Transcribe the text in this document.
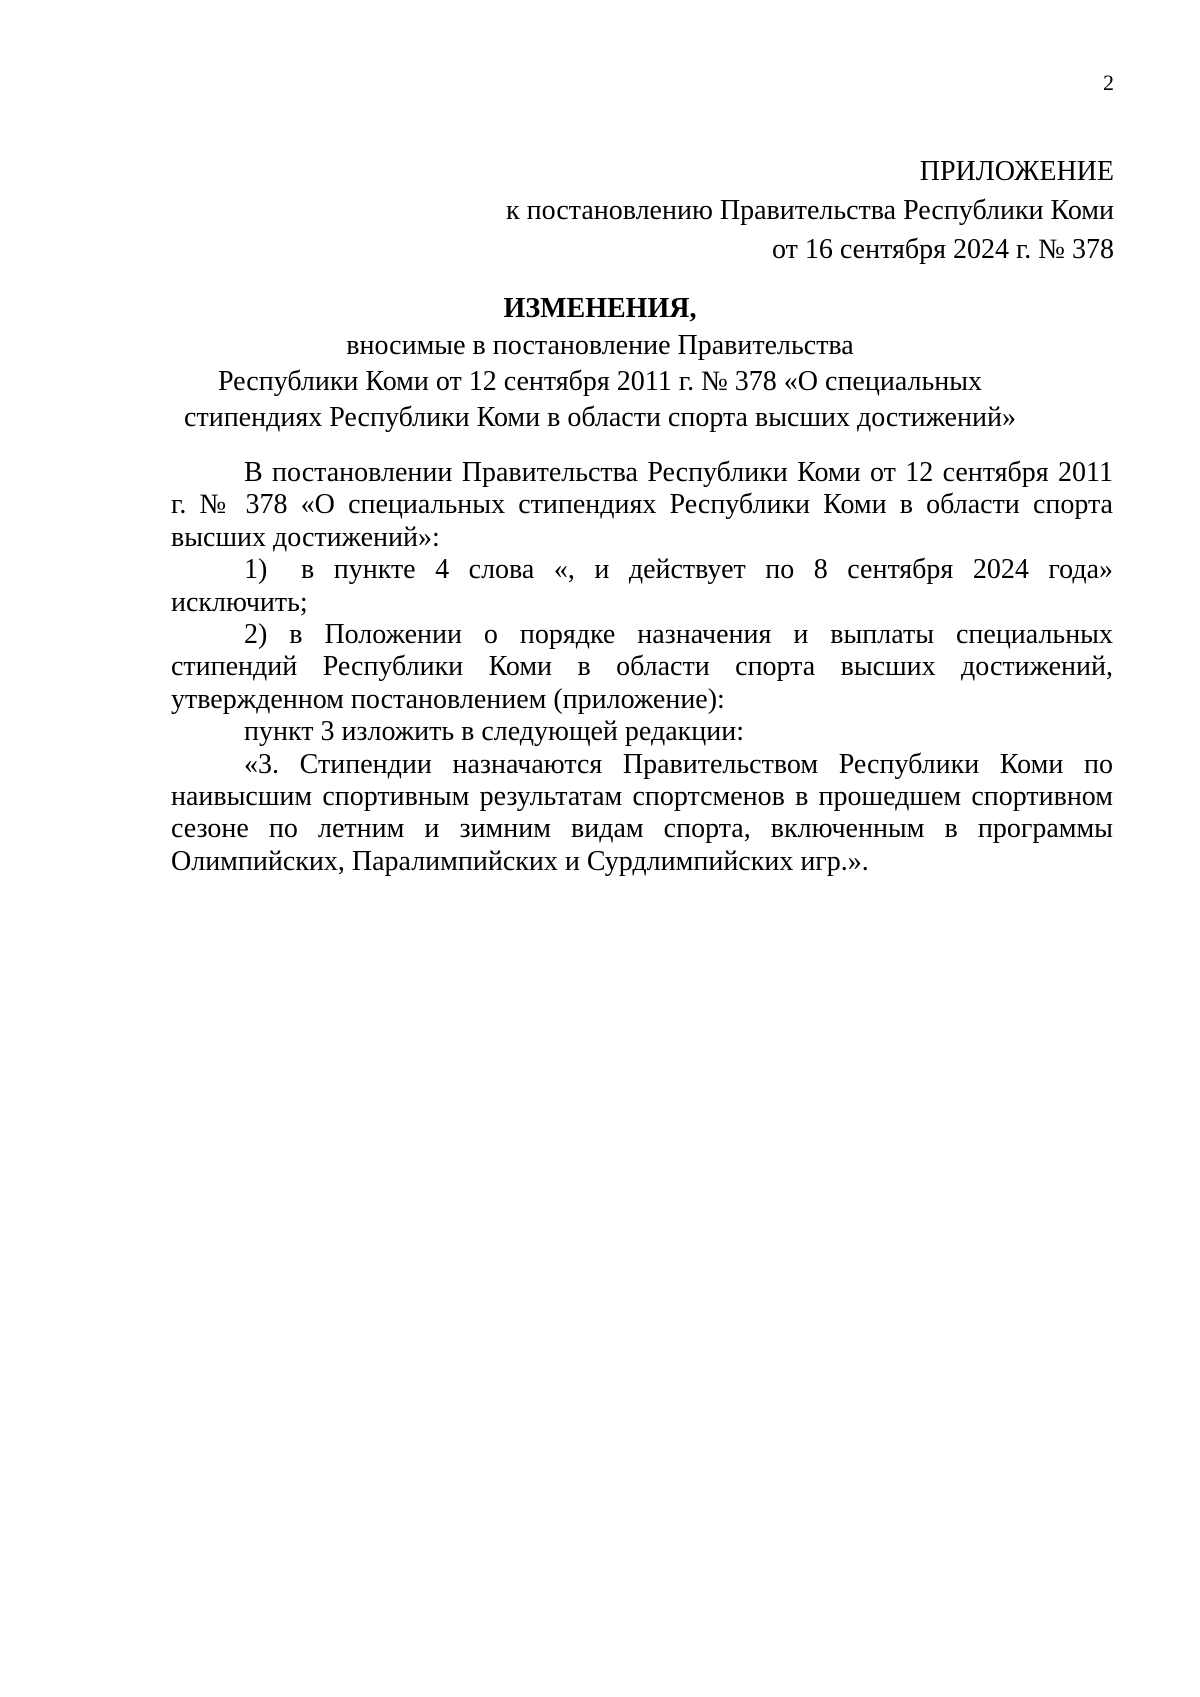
2
ПРИЛОЖЕНИЕ
к постановлению Правительства Республики Коми
от 16 сентября 2024 г. № 378
ИЗМЕНЕНИЯ,
вносимые в постановление Правительства
Республики Коми от 12 сентября 2011 г. № 378 «О специальных
стипендиях Республики Коми в области спорта высших достижений»

В постановлении Правительства Республики Коми от 12 сентября 2011 г. № 378 «О специальных стипендиях Республики Коми в области спорта высших достижений»:

1) в пункте 4 слова «, и действует по 8 сентября 2024 года» исключить;

2) в Положении о порядке назначения и выплаты специальных стипендий Республики Коми в области спорта высших достижений, утвержденном постановлением (приложение):

пункт 3 изложить в следующей редакции:

«3. Стипендии назначаются Правительством Республики Коми по наивысшим спортивным результатам спортсменов в прошедшем спортивном сезоне по летним и зимним видам спорта, включенным в программы Олимпийских, Паралимпийских и Сурдлимпийских игр.».
